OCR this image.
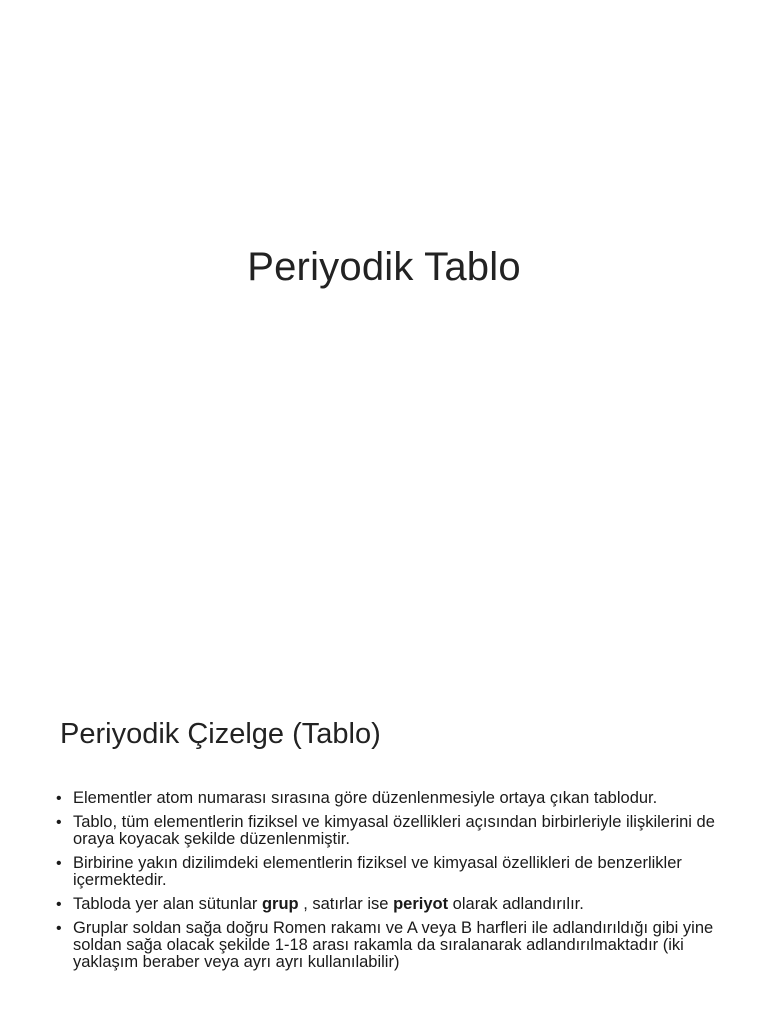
Periyodik Tablo
Periyodik Çizelge (Tablo)
• Elementler atom numarası sırasına göre düzenlenmesiyle ortaya çıkan tablodur.
• Tablo, tüm elementlerin fiziksel ve kimyasal özellikleri açısından birbirleriyle ilişkilerini de oraya koyacak şekilde düzenlenmiştir.
• Birbirine yakın dizilimdeki elementlerin fiziksel ve kimyasal özellikleri de benzerlikler içermektedir.
• Tabloda yer alan sütunlar grup , satırlar ise periyot olarak adlandırılır.
• Gruplar soldan sağa doğru Romen rakamı ve A veya B harfleri ile adlandırıldığı gibi yine soldan sağa olacak şekilde 1-18 arası rakamla da sıralanarak adlandırılmaktadır (iki yaklaşım beraber veya ayrı ayrı kullanılabilir)
